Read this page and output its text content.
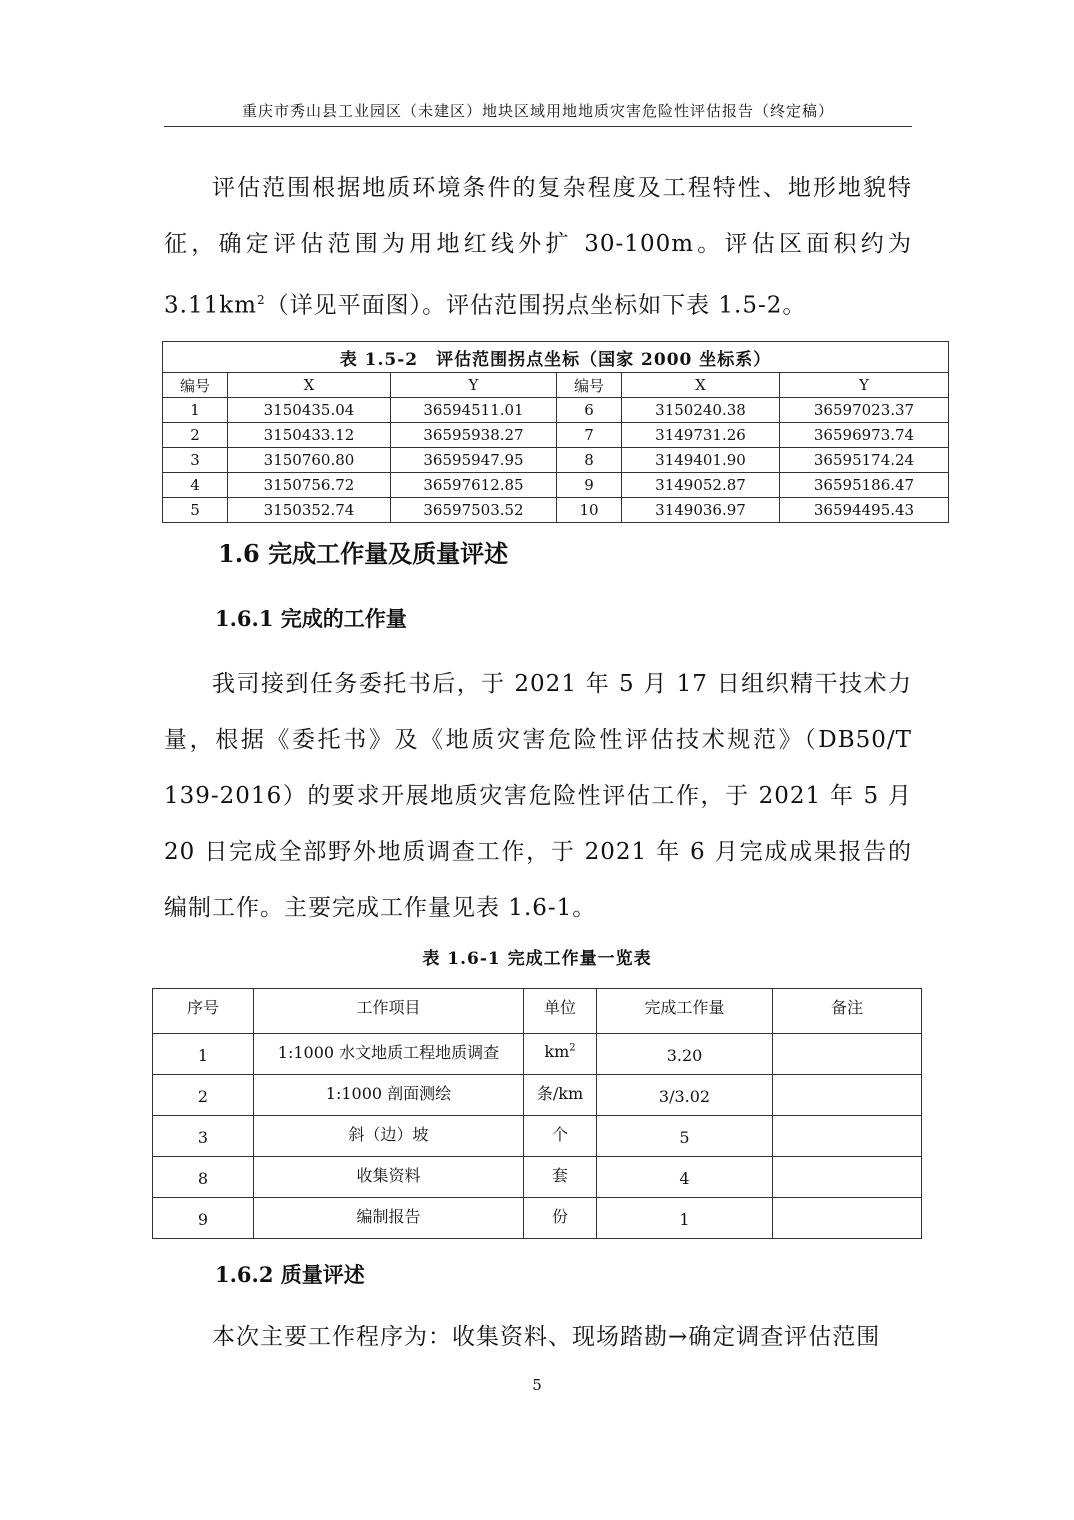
重庆市秀山县工业园区（未建区）地块区域用地地质灾害危险性评估报告（终定稿）
评估范围根据地质环境条件的复杂程度及工程特性、地形地貌特征，确定评估范围为用地红线外扩 30-100m。评估区面积约为 $3.11km^2$（详见平面图）。评估范围拐点坐标如下表 1.5-2。
表 1.5-2　评估范围拐点坐标（国家 2000 坐标系）					
编号	X	Y	编号	X	Y
1	3150435.04	36594511.01	6	3150240.38	36597023.37
2	3150433.12	36595938.27	7	3149731.26	36596973.74
3	3150760.80	36595947.95	8	3149401.90	36595174.24
4	3150756.72	36597612.85	9	3149052.87	36595186.47
5	3150352.74	36597503.52	10	3149036.97	36594495.43
1.6 完成工作量及质量评述
1.6.1 完成的工作量
我司接到任务委托书后，于 2021 年 5 月 17 日组织精干技术力量，根据《委托书》及《地质灾害危险性评估技术规范》（DB50/T 139-2016）的要求开展地质灾害危险性评估工作，于 2021 年 5 月 20 日完成全部野外地质调查工作，于 2021 年 6 月完成成果报告的编制工作。主要完成工作量见表 1.6-1。
表 1.6-1 完成工作量一览表
序号	工作项目	单位	完成工作量	备注
1	1:1000 水文地质工程地质调查	$km^2$	3.20	
2	1:1000 剖面测绘	条/km	3/3.02	
3	斜（边）坡	个	5	
8	收集资料	套	4	
9	编制报告	份	1	
1.6.2 质量评述
本次主要工作程序为：收集资料、现场踏勘→确定调查评估范围
5
